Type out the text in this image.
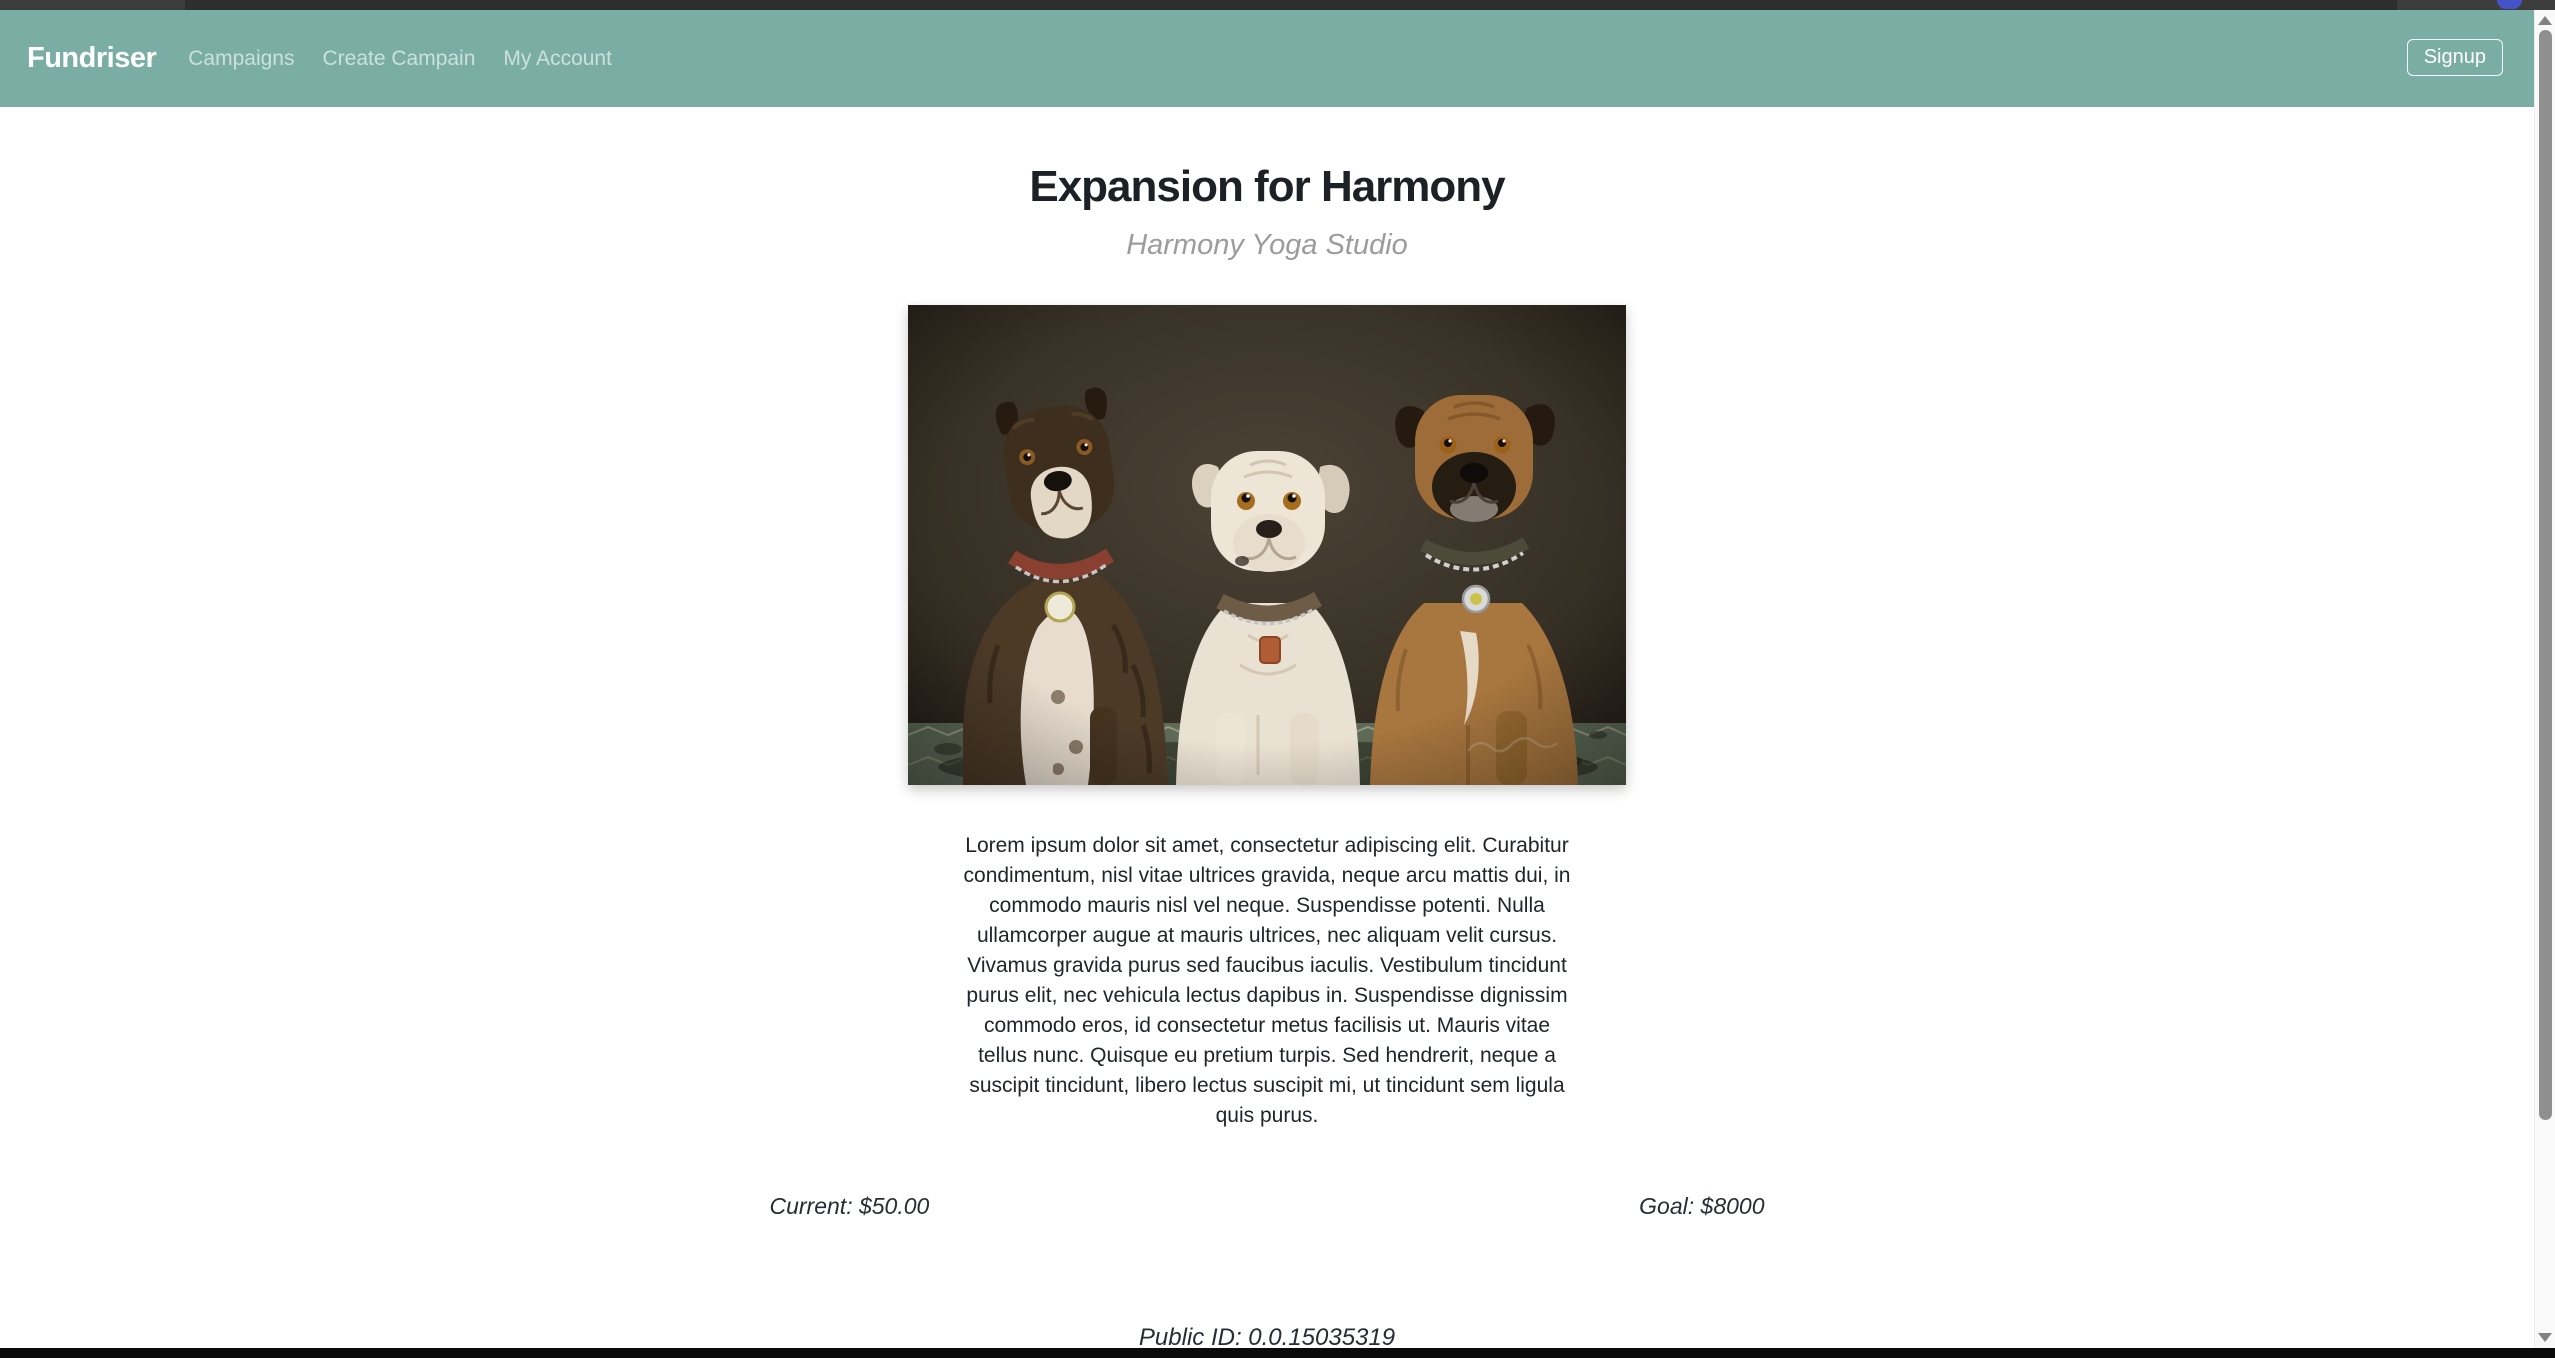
Fundriser	Campaigns	Create Campain	My Account	Signup
Expansion for Harmony
Harmony Yoga Studio

Lorem ipsum dolor sit amet, consectetur adipiscing elit. Curabitur condimentum, nisl vitae ultrices gravida, neque arcu mattis dui, in commodo mauris nisl vel neque. Suspendisse potenti. Nulla ullamcorper augue at mauris ultrices, nec aliquam velit cursus. Vivamus gravida purus sed faucibus iaculis. Vestibulum tincidunt purus elit, nec vehicula lectus dapibus in. Suspendisse dignissim commodo eros, id consectetur metus facilisis ut. Mauris vitae tellus nunc. Quisque eu pretium turpis. Sed hendrerit, neque a suscipit tincidunt, libero lectus suscipit mi, ut tincidunt sem ligula quis purus.

Current: $50.00	Goal: $8000
Public ID: 0.0.15035319
